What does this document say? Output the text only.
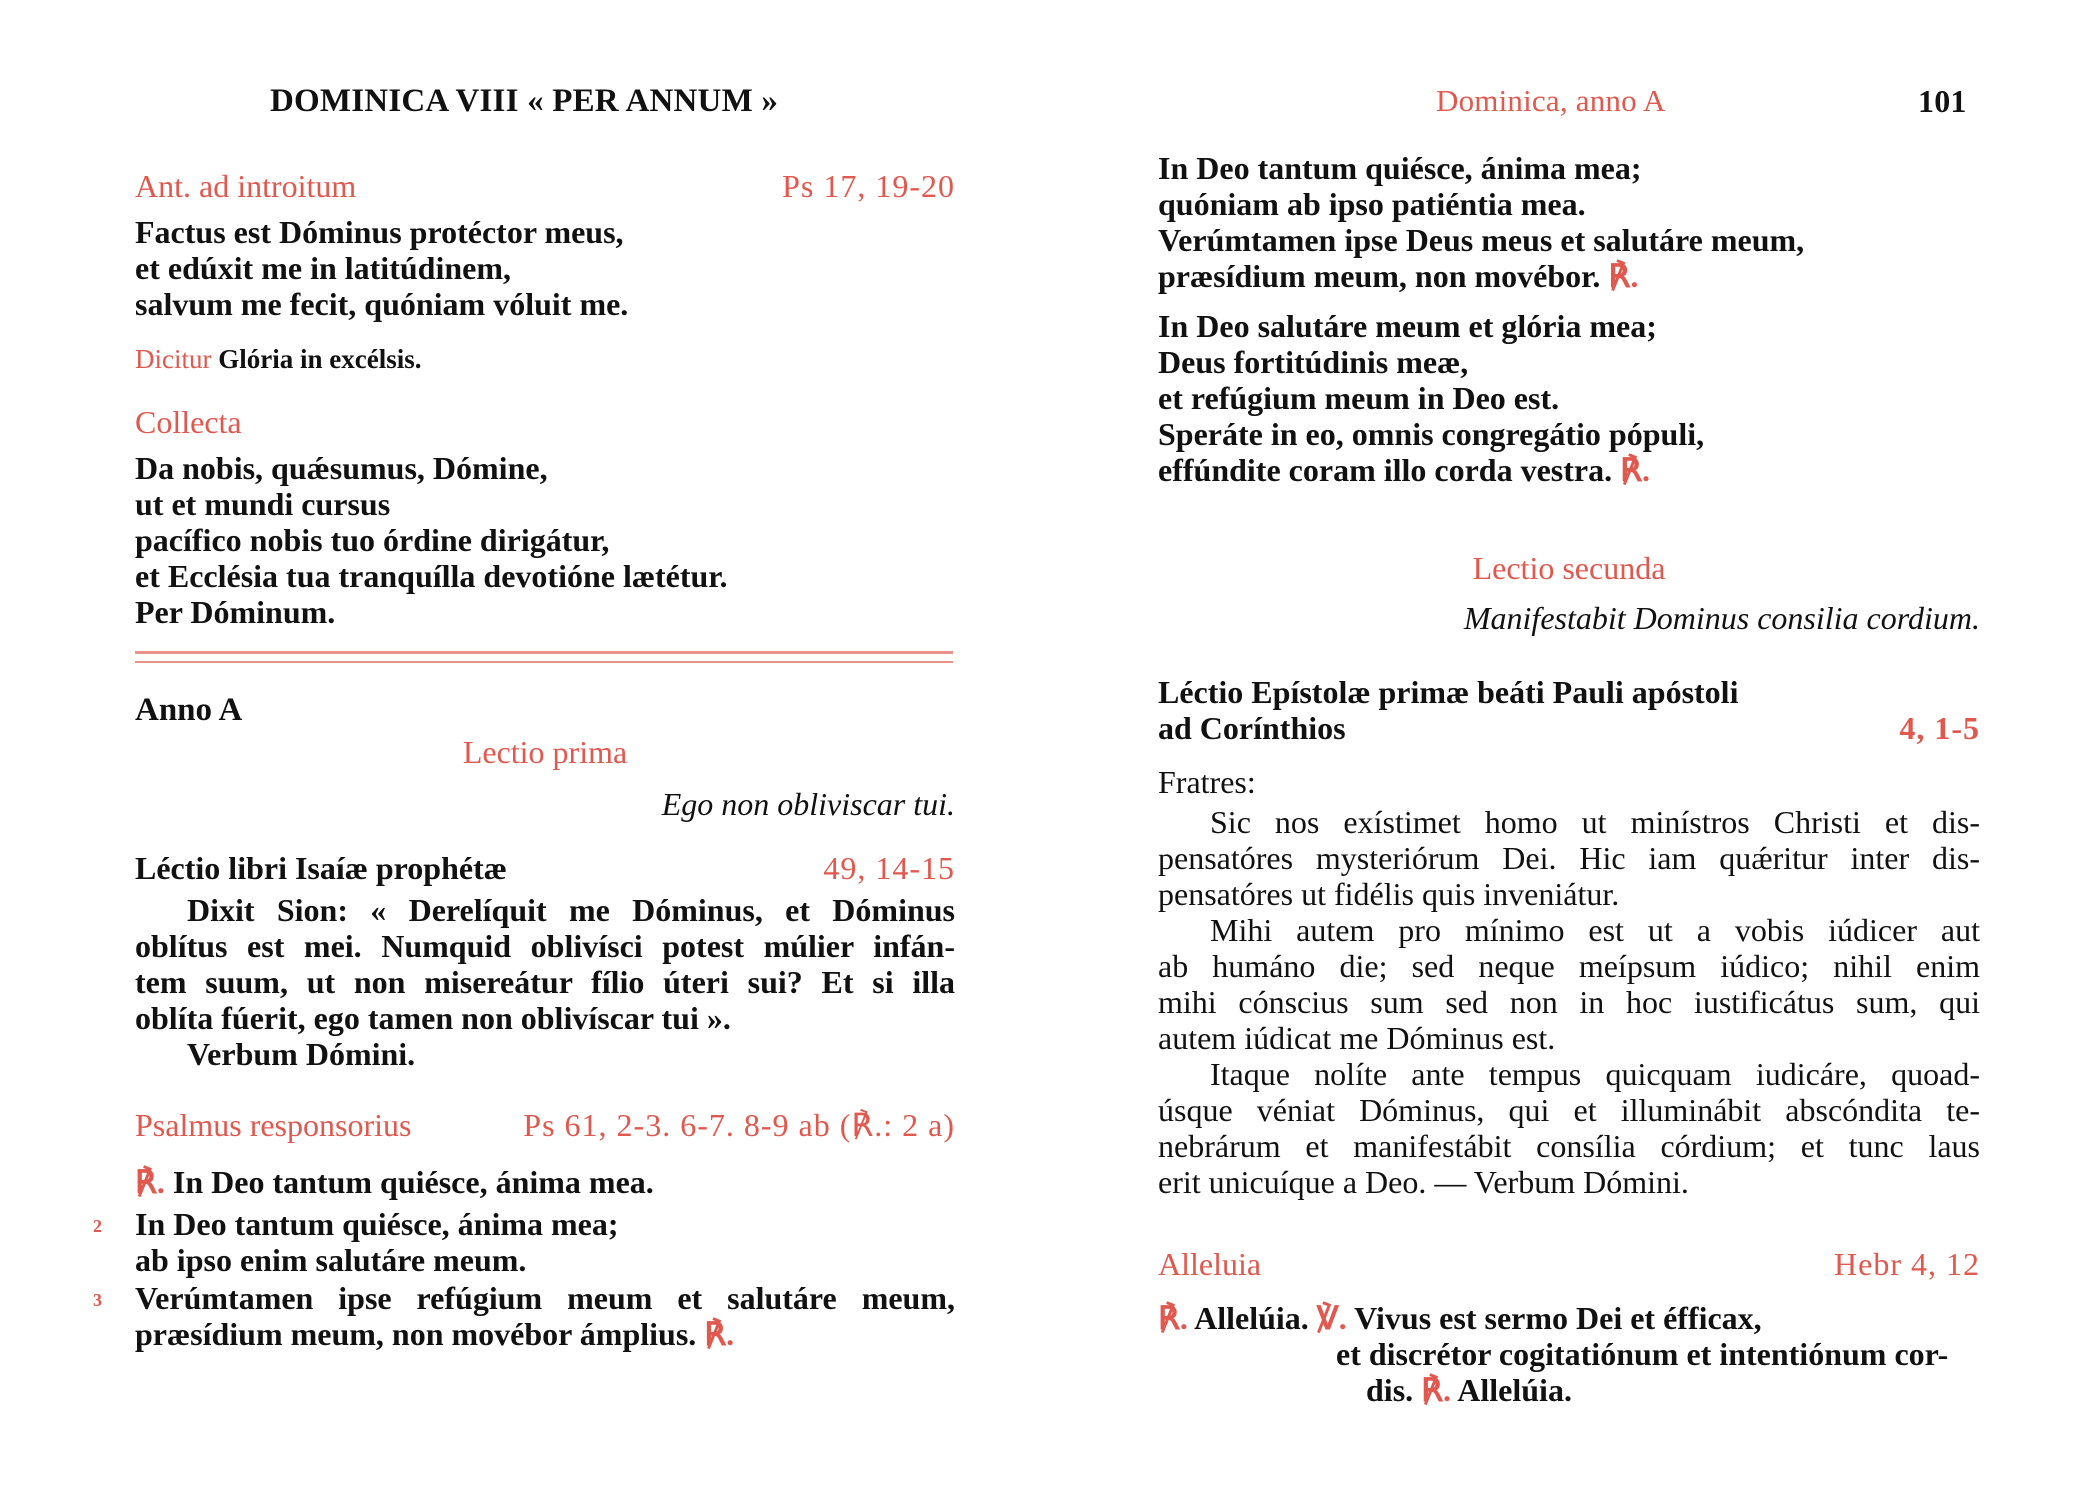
DOMINICA VIII « PER ANNUM »	Dominica, anno A	101
Ant. ad introitum	Ps 17, 19-20
Factus est Dóminus protéctor meus,
et edúxit me in latitúdinem,
salvum me fecit, quóniam vóluit me.
Dicitur Glória in excélsis.
Collecta
Da nobis, quǽsumus, Dómine,
ut et mundi cursus
pacífico nobis tuo órdine dirigátur,
et Ecclésia tua tranquílla devotióne lætétur.
Per Dóminum.
Anno A
Lectio prima
Ego non obliviscar tui.
Léctio libri Isaíæ prophétæ	49, 14-15
Dixit Sion: « Derelíquit me Dóminus, et Dóminus
oblítus est mei. Numquid oblivísci potest múlier infán-
tem suum, ut non misereátur fílio úteri sui? Et si illa
oblíta fúerit, ego tamen non oblivíscar tui ».
Verbum Dómini.
Psalmus responsorius	Ps 61, 2-3. 6-7. 8-9 ab (℟.: 2 a)
℟. In Deo tantum quiésce, ánima mea.
2 In Deo tantum quiésce, ánima mea;
ab ipso enim salutáre meum.
3 Verúmtamen ipse refúgium meum et salutáre meum,
præsídium meum, non movébor ámplius. ℟.
In Deo tantum quiésce, ánima mea;
quóniam ab ipso patiéntia mea.
Verúmtamen ipse Deus meus et salutáre meum,
præsídium meum, non movébor. ℟.
In Deo salutáre meum et glória mea;
Deus fortitúdinis meæ,
et refúgium meum in Deo est.
Speráte in eo, omnis congregátio pópuli,
effúndite coram illo corda vestra. ℟.
Lectio secunda
Manifestabit Dominus consilia cordium.
Léctio Epístolæ primæ beáti Pauli apóstoli
ad Corínthios	4, 1-5
Fratres:
Sic nos exístimet homo ut minístros Christi et dis-
pensatóres mysteriórum Dei. Hic iam quǽritur inter dis-
pensatóres ut fidélis quis inveniátur.
Mihi autem pro mínimo est ut a vobis iúdicer aut
ab humáno die; sed neque meípsum iúdico; nihil enim
mihi cónscius sum sed non in hoc iustificátus sum, qui
autem iúdicat me Dóminus est.
Itaque nolíte ante tempus quicquam iudicáre, quoad-
úsque véniat Dóminus, qui et illuminábit abscóndita te-
nebrárum et manifestábit consília córdium; et tunc laus
erit unicuíque a Deo. — Verbum Dómini.
Alleluia	Hebr 4, 12
℟. Allelúia. ℣. Vivus est sermo Dei et éfficax,
et discrétor cogitatiónum et intentiónum cor-
dis. ℟. Allelúia.
